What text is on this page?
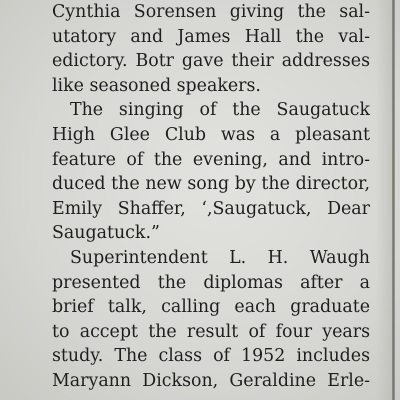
Cynthia Sorensen giving the sal-
utatory and James Hall the val-
edictory. Botr gave their addresses
like seasoned speakers.
The singing of the Saugatuck
High Glee Club was a pleasant
feature of the evening, and intro-
duced the new song by the director,
Emily Shaffer, ‘,Saugatuck, Dear
Saugatuck.”
Superintendent L. H. Waugh
presented the diplomas after a
brief talk, calling each graduate
to accept the result of four years
study. The class of 1952 includes
Maryann Dickson, Geraldine Erle-
